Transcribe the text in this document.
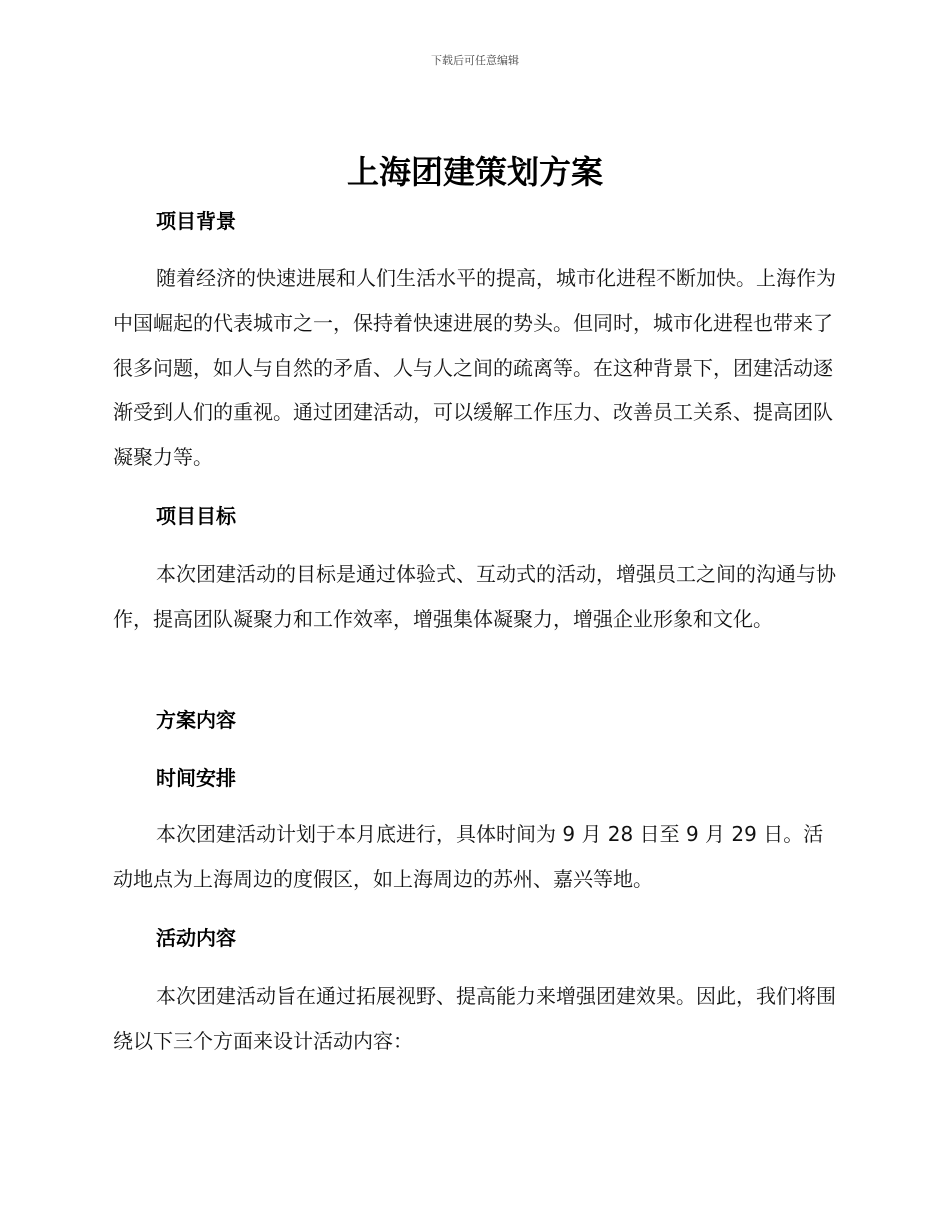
下载后可任意编辑
上海团建策划方案
项目背景

随着经济的快速进展和人们生活水平的提高，城市化进程不断加快。上海作为中国崛起的代表城市之一，保持着快速进展的势头。但同时，城市化进程也带来了很多问题，如人与自然的矛盾、人与人之间的疏离等。在这种背景下，团建活动逐渐受到人们的重视。通过团建活动，可以缓解工作压力、改善员工关系、提高团队凝聚力等。

项目目标

本次团建活动的目标是通过体验式、互动式的活动，增强员工之间的沟通与协作，提高团队凝聚力和工作效率，增强集体凝聚力，增强企业形象和文化。

方案内容
时间安排

本次团建活动计划于本月底进行，具体时间为 9 月 28 日至 9 月 29 日。活动地点为上海周边的度假区，如上海周边的苏州、嘉兴等地。

活动内容

本次团建活动旨在通过拓展视野、提高能力来增强团建效果。因此，我们将围绕以下三个方面来设计活动内容：
